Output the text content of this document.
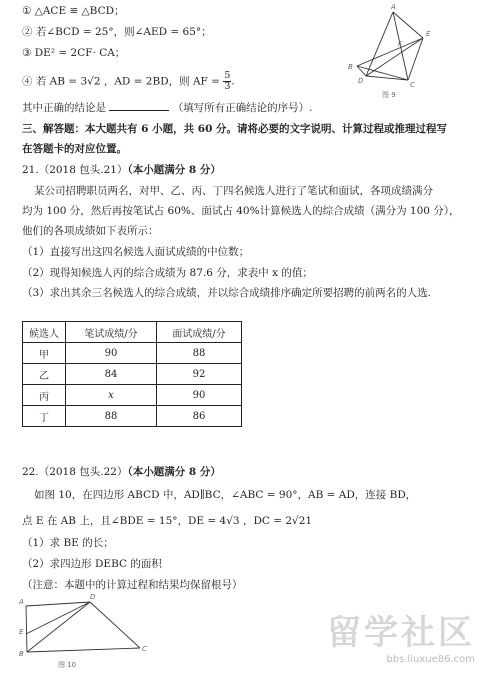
① △ACE ≌ △BCD；
② 若∠BCD = 25°，则∠AED = 65°；
③ DE² = 2CF· CA；
④ 若 AB = 3√2 ，AD = 2BD，则 AF = $\frac{5}{3}$ .
其中正确的结论是	（填写所有正确结论的序号）.
A
E
F
D
B
C
图 9
三、解答题：本大题共有 6 小题，共 60 分。请将必要的文字说明、计算过程或推理过程写
在答题卡的对应位置。
21.（2018 包头.21）（本小题满分 8 分）
某公司招聘职员两名，对甲、乙、丙、丁四名候选人进行了笔试和面试，各项成绩满分
均为 100 分，然后再按笔试占 60%、面试占 40%计算候选人的综合成绩（满分为 100 分），
他们的各项成绩如下表所示：
（1）直接写出这四名候选人面试成绩的中位数；
（2）现得知候选人丙的综合成绩为 87.6 分，求表中 x 的值；
（3）求出其余三名候选人的综合成绩，并以综合成绩排序确定所要招聘的前两名的人选.
候选人	笔试成绩/分	面试成绩/分
甲	90	88
乙	84	92
丙	x	90
丁	88	86
22.（2018 包头.22）（本小题满分 8 分）
如图 10，在四边形 ABCD 中，AD∥BC，∠ABC = 90°，AB = AD，连接 BD，
点 E 在 AB 上，且∠BDE = 15°，DE = 4√3 ，DC = 2√21
（1）求 BE 的长；
（2）求四边形 DEBC 的面积
（注意：本题中的计算过程和结果均保留根号）
A
D
E
B
C
图 10
留学社区
bbs.liuxue86.com
